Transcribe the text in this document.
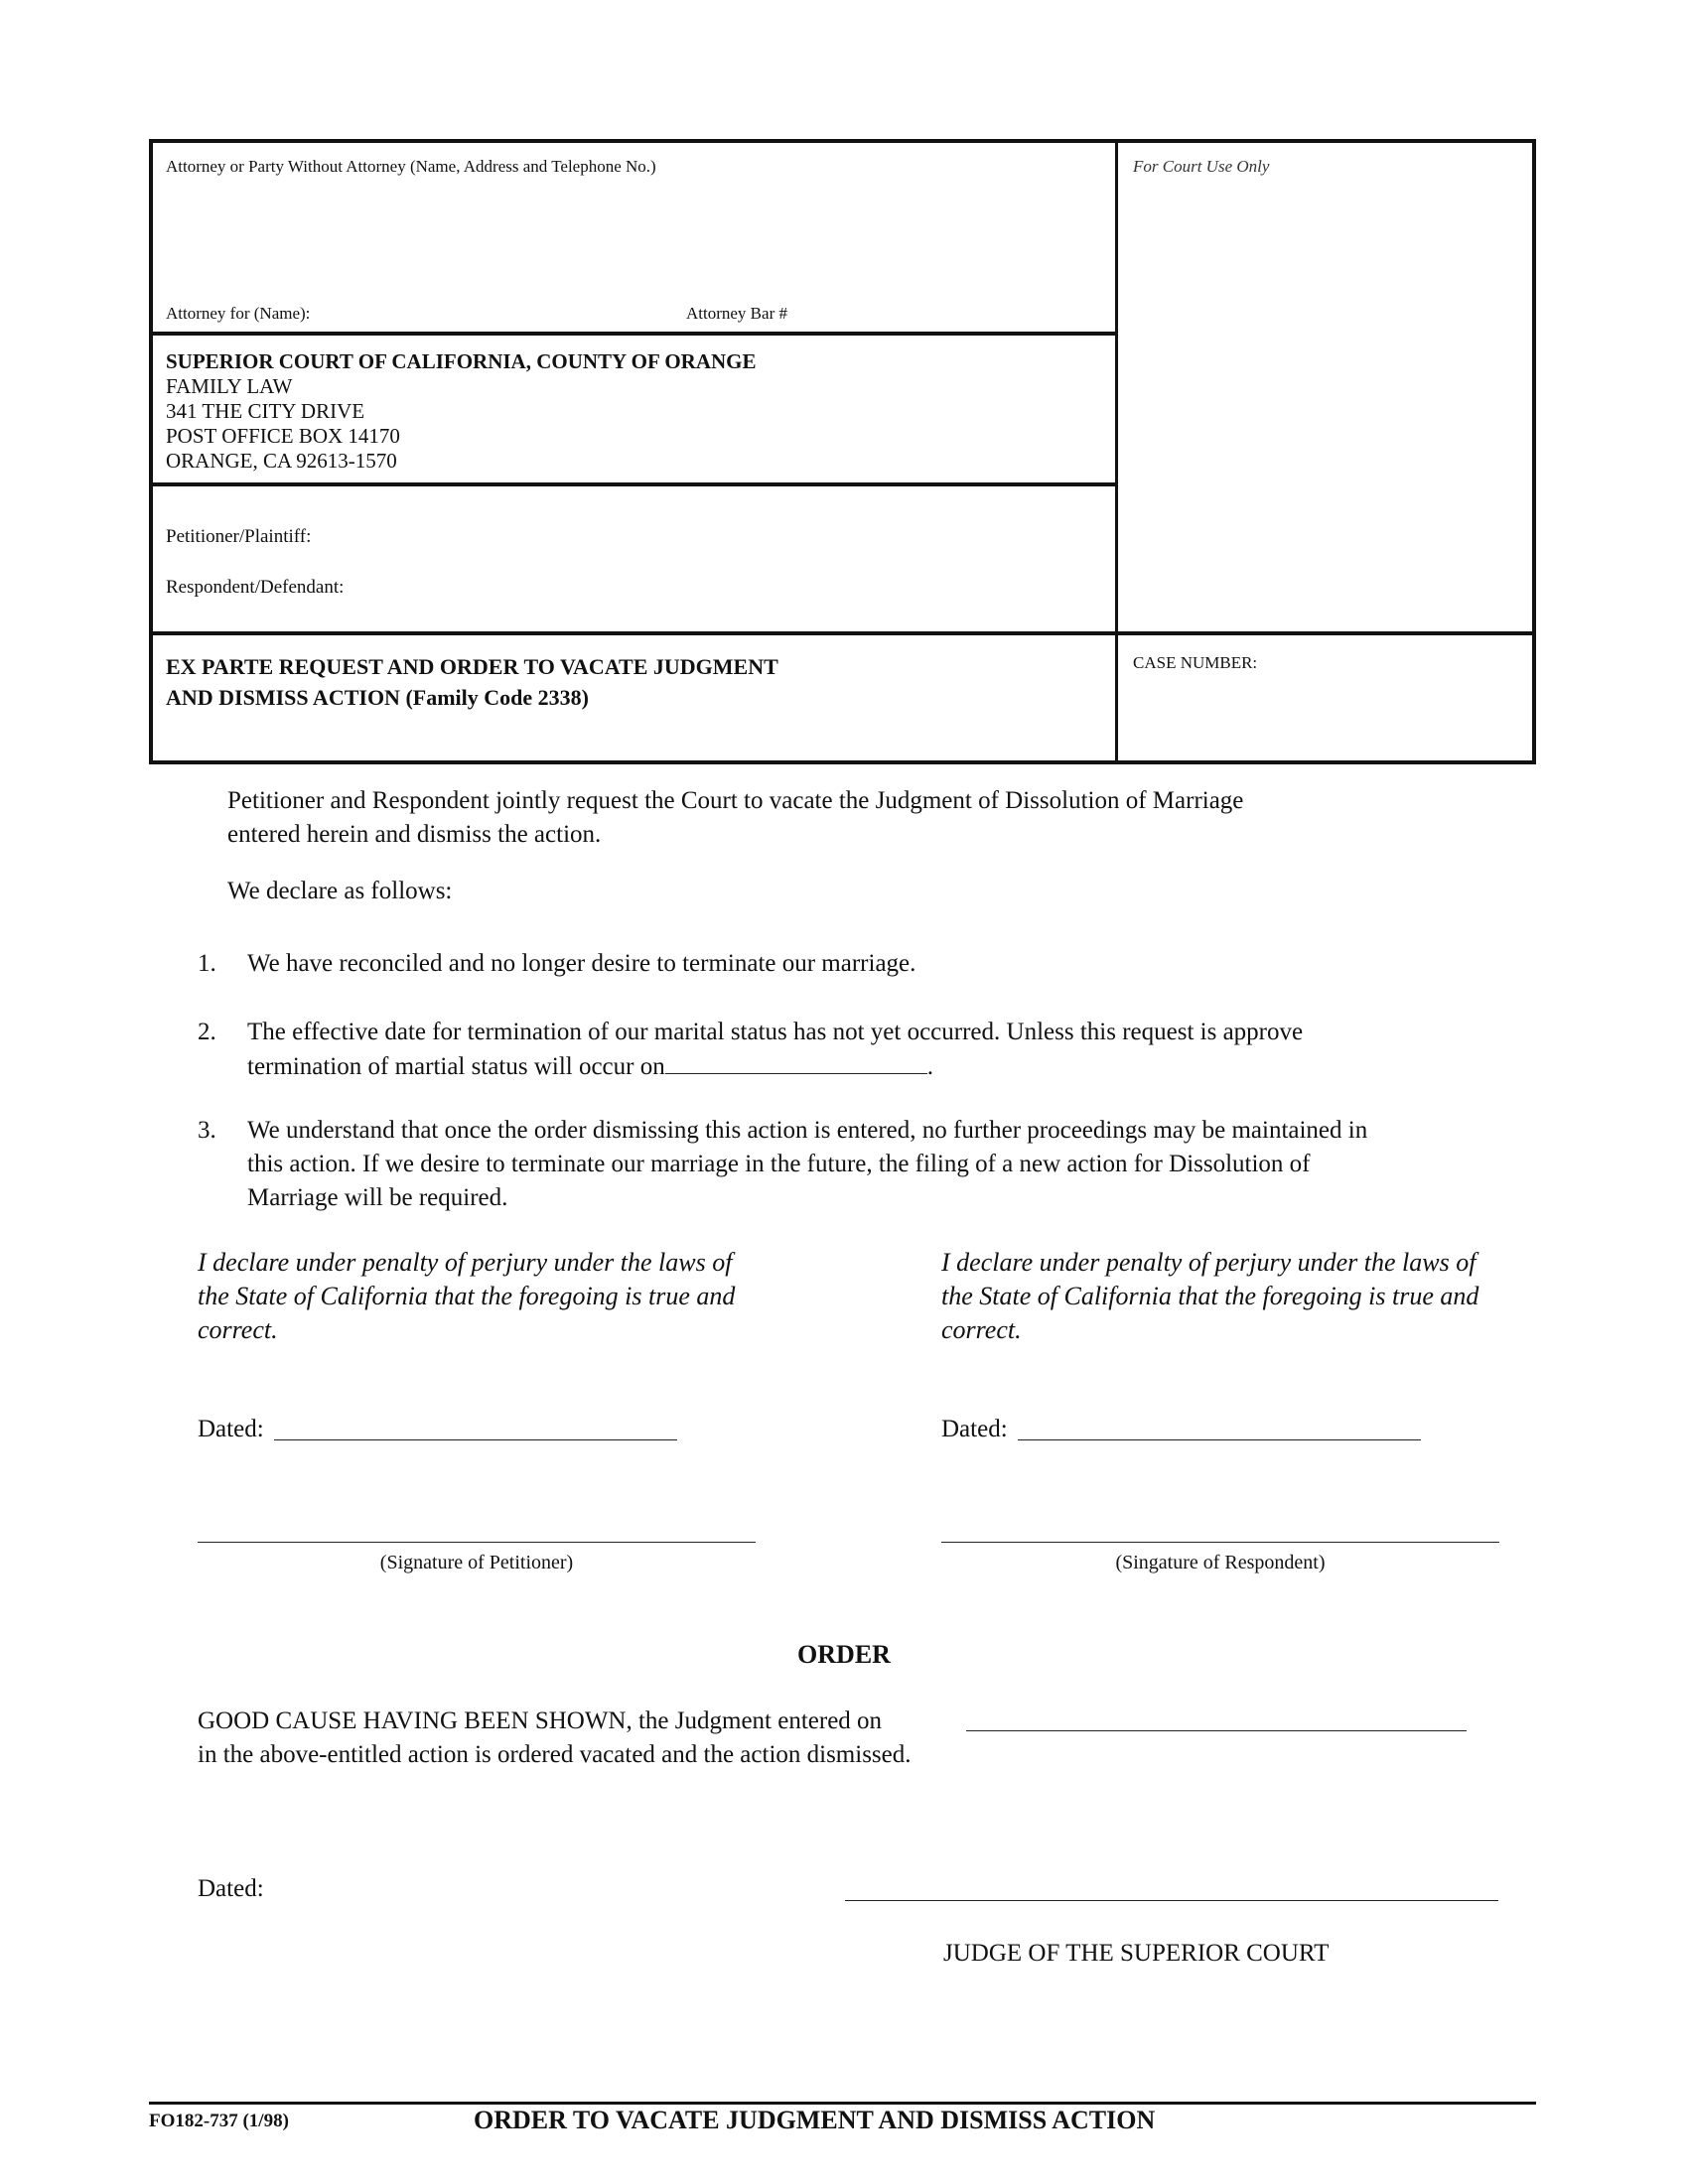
Attorney or Party Without Attorney (Name, Address and Telephone No.)	For Court Use Only
Attorney for (Name):	Attorney Bar #
SUPERIOR COURT OF CALIFORNIA, COUNTY OF ORANGE
FAMILY LAW
341 THE CITY DRIVE
POST OFFICE BOX 14170
ORANGE, CA 92613-1570
Petitioner/Plaintiff:
Respondent/Defendant:
EX PARTE REQUEST AND ORDER TO VACATE JUDGMENT
AND DISMISS ACTION (Family Code 2338)
CASE NUMBER:
Petitioner and Respondent jointly request the Court to vacate the Judgment of Dissolution of Marriage
entered herein and dismiss the action.
We declare as follows:
1. We have reconciled and no longer desire to terminate our marriage.
2. The effective date for termination of our marital status has not yet occurred. Unless this request is approve
termination of martial status will occur on	.
3. We understand that once the order dismissing this action is entered, no further proceedings may be maintained in
this action. If we desire to terminate our marriage in the future, the filing of a new action for Dissolution of
Marriage will be required.
I declare under penalty of perjury under the laws of
the State of California that the foregoing is true and
correct.
I declare under penalty of perjury under the laws of
the State of California that the foregoing is true and
correct.
Dated:	Dated:
(Signature of Petitioner)	(Singature of Respondent)
ORDER
GOOD CAUSE HAVING BEEN SHOWN, the Judgment entered on
in the above-entitled action is ordered vacated and the action dismissed.
Dated:
JUDGE OF THE SUPERIOR COURT
FO182-737 (1/98)	ORDER TO VACATE JUDGMENT AND DISMISS ACTION
